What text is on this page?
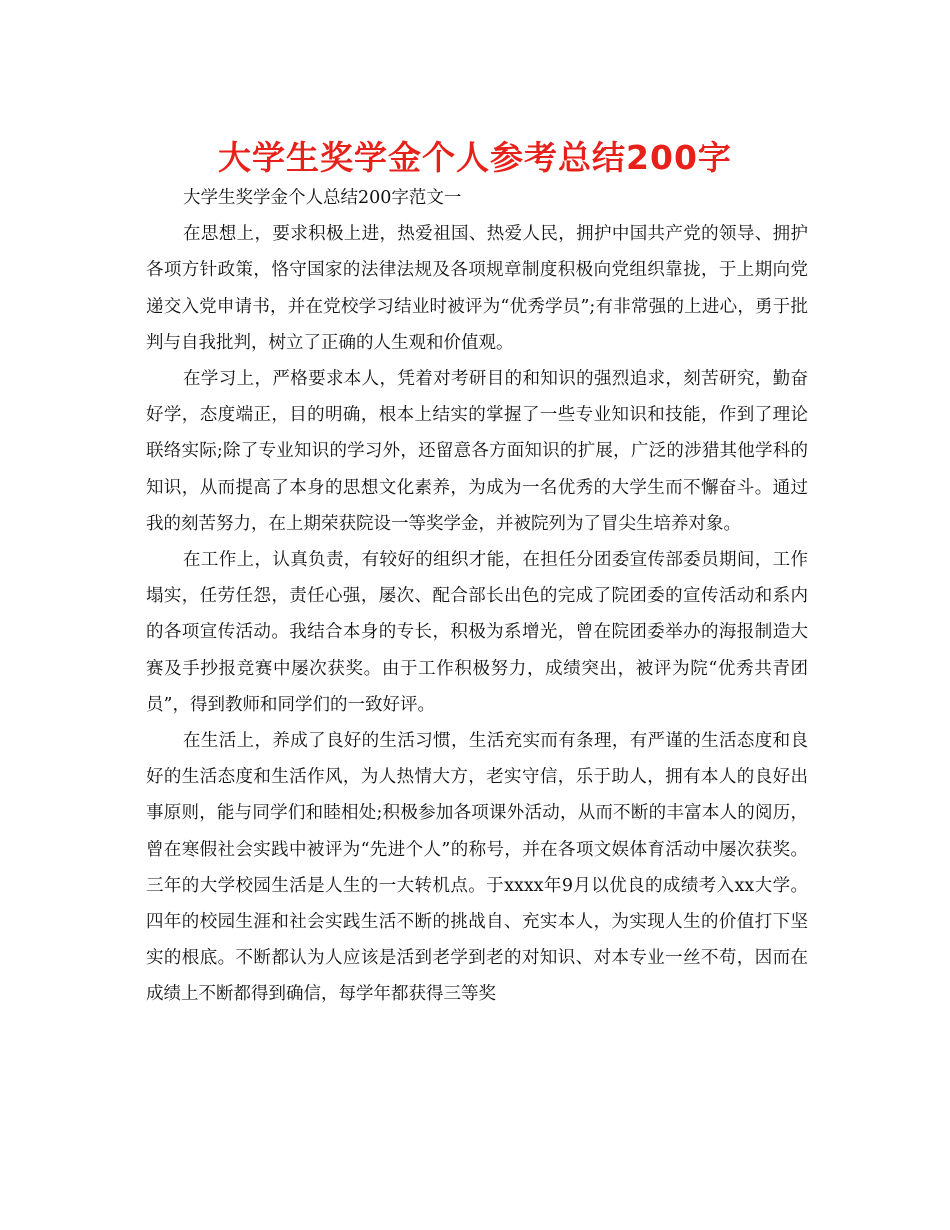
大学生奖学金个人参考总结200字

大学生奖学金个人总结200字范文一

在思想上，要求积极上进，热爱祖国、热爱人民，拥护中国共产党的领导、拥护各项方针政策，恪守国家的法律法规及各项规章制度积极向党组织靠拢，于上期向党递交入党申请书，并在党校学习结业时被评为“优秀学员”;有非常强的上进心，勇于批判与自我批判，树立了正确的人生观和价值观。

在学习上，严格要求本人，凭着对考研目的和知识的强烈追求，刻苦研究，勤奋好学，态度端正，目的明确，根本上结实的掌握了一些专业知识和技能，作到了理论联络实际;除了专业知识的学习外，还留意各方面知识的扩展，广泛的涉猎其他学科的知识，从而提高了本身的思想文化素养，为成为一名优秀的大学生而不懈奋斗。通过我的刻苦努力，在上期荣获院设一等奖学金，并被院列为了冒尖生培养对象。

在工作上，认真负责，有较好的组织才能，在担任分团委宣传部委员期间，工作塌实，任劳任怨，责任心强，屡次、配合部长出色的完成了院团委的宣传活动和系内的各项宣传活动。我结合本身的专长，积极为系增光，曾在院团委举办的海报制造大赛及手抄报竞赛中屡次获奖。由于工作积极努力，成绩突出，被评为院“优秀共青团员”，得到教师和同学们的一致好评。

在生活上，养成了良好的生活习惯，生活充实而有条理，有严谨的生活态度和良好的生活态度和生活作风，为人热情大方，老实守信，乐于助人，拥有本人的良好出事原则，能与同学们和睦相处;积极参加各项课外活动，从而不断的丰富本人的阅历，曾在寒假社会实践中被评为“先进个人”的称号，并在各项文娱体育活动中屡次获奖。三年的大学校园生活是人生的一大转机点。于xxxx年9月以优良的成绩考入xx大学。四年的校园生涯和社会实践生活不断的挑战自、充实本人，为实现人生的价值打下坚实的根底。不断都认为人应该是活到老学到老的对知识、对本专业一丝不苟，因而在成绩上不断都得到确信，每学年都获得三等奖
